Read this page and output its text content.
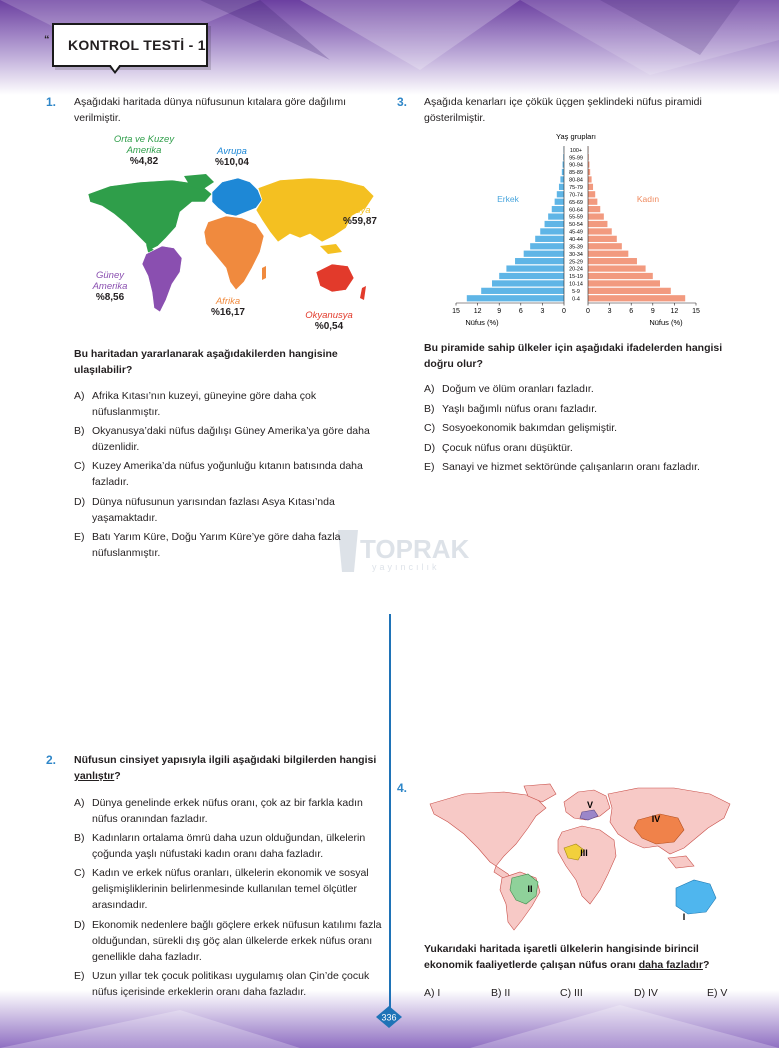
“ KONTROL TESTİ - 1
TOPRAK
yayıncılık
1. Aşağıdaki haritada dünya nüfusunun kıtalara göre dağılımı verilmiştir.
Orta ve Kuzey Amerika
%4,82
Avrupa
%10,04
Asya
%59,87
Güney Amerika
%8,56	Afrika
%16,17	Okyanusya
%0,54
Bu haritadan yararlanarak aşağıdakilerden hangisine ulaşılabilir?
A) Afrika Kıtası’nın kuzeyi, güneyine göre daha çok nüfuslanmıştır.
B) Okyanusya’daki nüfus dağılışı Güney Amerika’ya göre daha düzenlidir.
C) Kuzey Amerika’da nüfus yoğunluğu kıtanın batısında daha fazladır.
D) Dünya nüfusunun yarısından fazlası Asya Kıtası’nda yaşamaktadır.
E) Batı Yarım Küre, Doğu Yarım Küre’ye göre daha fazla nüfuslanmıştır.
3. Aşağıda kenarları içe çökük üçgen şeklindeki nüfus piramidi gösterilmiştir.
Yaş grupları
Erkek	Kadın
0-4
5-9
10-14
15-19
20-24
25-29
30-34
35-39
40-44
45-49
50-54
55-59
60-64
65-69
70-74
75-79
80-84
85-89
90-94
95-99
100+
15 12 9	6	3	0	0	3	6	9 12 15
Nüfus (%)	Nüfus (%)
Bu piramide sahip ülkeler için aşağıdaki ifadelerden hangisi doğru olur?
A) Doğum ve ölüm oranları fazladır.
B) Yaşlı bağımlı nüfus oranı fazladır.
C) Sosyoekonomik bakımdan gelişmiştir.
D) Çocuk nüfus oranı düşüktür.
E) Sanayi ve hizmet sektöründe çalışanların oranı fazladır.
2. Nüfusun cinsiyet yapısıyla ilgili aşağıdaki bilgilerden hangisi yanlıştır?
A) Dünya genelinde erkek nüfus oranı, çok az bir farkla kadın nüfus oranından fazladır.
B) Kadınların ortalama ömrü daha uzun olduğundan, ülkelerin çoğunda yaşlı nüfustaki kadın oranı daha fazladır.
C) Kadın ve erkek nüfus oranları, ülkelerin ekonomik ve sosyal gelişmişliklerinin belirlenmesinde kullanılan temel ölçütler arasındadır.
D) Ekonomik nedenlere bağlı göçlere erkek nüfusun katılımı fazla olduğundan, sürekli dış göç alan ülkelerde erkek nüfus oranı genellikle daha fazladır.
E) Uzun yıllar tek çocuk politikası uygulamış olan Çin’de çocuk nüfus içerisinde erkeklerin oranı daha fazladır.
4.
V
IV
III
II
I
Yukarıdaki haritada işaretli ülkelerin hangisinde birincil ekonomik faaliyetlerde çalışan nüfus oranı daha fazladır?
A) I	B) II	C) III	D) IV	E) V
336
